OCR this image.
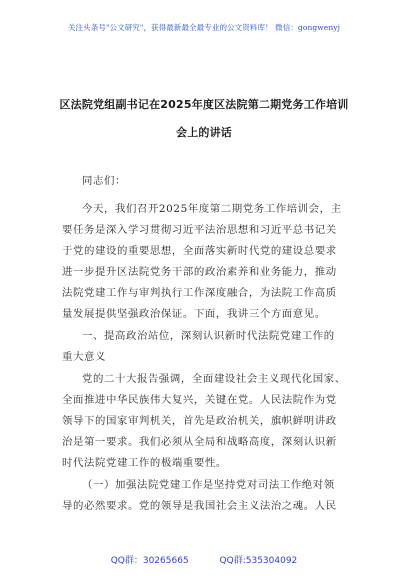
关注头条号"公文研究"，获得最新最全最专业的公文资料库！ 微信：gongwenyj
区法院党组副书记在2025年度区法院第二期党务工作培训
会上的讲话
同志们：
今天，我们召开2025年度第二期党务工作培训会，主
要任务是深入学习贯彻习近平法治思想和习近平总书记关
于党的建设的重要思想，全面落实新时代党的建设总要求
进一步提升区法院党务干部的政治素养和业务能力，推动
法院党建工作与审判执行工作深度融合，为法院工作高质
量发展提供坚强政治保证。下面，我讲三个方面意见。
一、提高政治站位，深刻认识新时代法院党建工作的
重大意义
党的二十大报告强调，全面建设社会主义现代化国家、
全面推进中华民族伟大复兴，关键在党。人民法院作为党
领导下的国家审判机关，首先是政治机关，旗帜鲜明讲政
治是第一要求。我们必须从全局和战略高度，深刻认识新
时代法院党建工作的极端重要性。
（一）加强法院党建工作是坚持党对司法工作绝对领
导的必然要求。党的领导是我国社会主义法治之魂。人民
QQ群：30265665	QQ群:535304092
